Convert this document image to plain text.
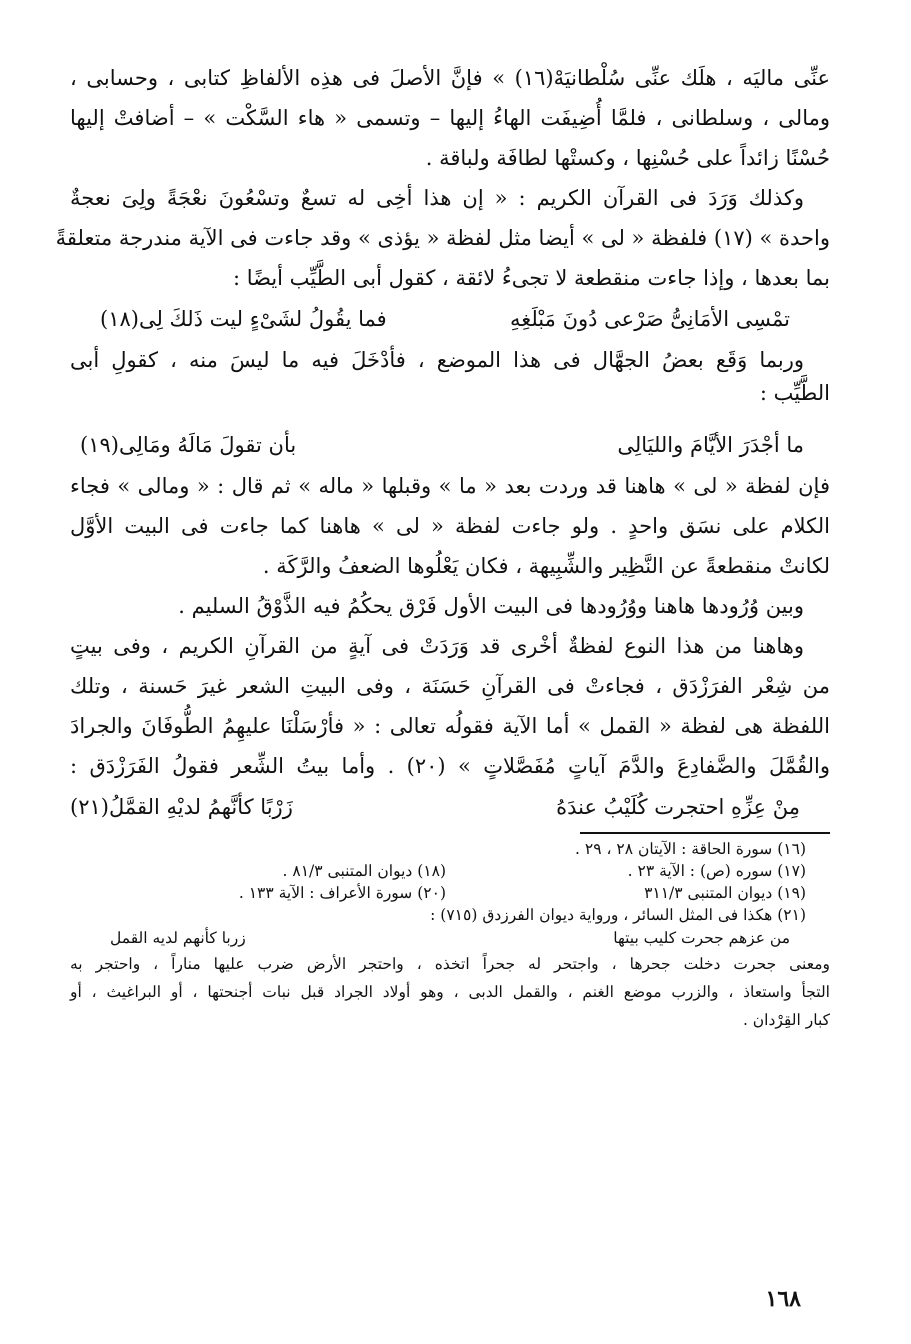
عنِّى ماليَه ، هلَك عنِّى سُلْطانيَهْ(١٦) » فإنَّ الأصلَ فى هذِه الألفاظِ كتابى ، وحسابى ،
ومالى ، وسلطانى ، فلمَّا أُضِيفَت الهاءُ إليها – وتسمى « هاء السَّكْت » – أضافتْ إليها
حُسْنًا زائداً على حُسْنِها ، وكستْها لطافَة ولباقة .
وكذلك وَرَدَ فى القرآن الكريم : « إن هذا أخِى له تسعٌ وتسْعُونَ نعْجَةً ولِىَ نعجةٌ
واحدة » (١٧) فلفظة « لى » أيضا مثل لفظة « يؤذى » وقد جاءت فى الآية مندرجة متعلقةً
بما بعدها ، وإذا جاءت منقطعة لا تجىءُ لائقة ، كقول أبى الطَّيِّب أيضًا :
تمْسِى الأمَانِىُّ صَرْعى دُونَ مَبْلَغِهِ
فما يقُولُ لشَىْءٍ ليت ذَلكَ لِى(١٨)
وربما وَقَع بعضُ الجهَّال فى هذا الموضع ، فأدْخَلَ فيه ما ليسَ منه ، كقولِ أبى
الطَّيِّب :
ما أجْدَرَ الأيَّامَ والليَالِى
بأن تقولَ مَالَهُ ومَالِى(١٩)
فإن لفظة « لى » هاهنا قد وردت بعد « ما » وقبلها « ماله » ثم قال : « ومالى » فجاء
الكلام على نسَق واحدٍ . ولو جاءت لفظة « لى » هاهنا كما جاءت فى البيت الأوَّل
لكانتْ منقطعةً عن النَّظِير والشِّبِيهة ، فكان يَعْلُوها الضعفُ والرَّكَة .
وبين وُرُودها هاهنا ووُرُودها فى البيت الأول فَرْق يحكُمُ فيه الذَّوْقُ السليم .
وهاهنا من هذا النوع لفظةٌ أخْرى قد وَرَدَتْ فى آيةٍ من القرآنِ الكريم ، وفى بيتٍ
من شِعْر الفرَزْدَق ، فجاءتْ فى القرآنِ حَسَنَة ، وفى البيتِ الشعر غيرَ حَسنة ، وتلك
اللفظة هى لفظة « القمل » أما الآية فقولُه تعالى : « فأرْسَلْنَا عليهِمُ الطُّوفَانَ والجرادَ
والقُمَّلَ والضَّفادِعَ والدَّمَ آياتٍ مُفَصَّلاتٍ » (٢٠) . وأما بيتُ الشِّعر فقولُ الفَرَزْدَق :
مِنْ عِزِّهِ احتجرت كُلَيْبُ عندَهُ
زَرْبًا كأنَّهمُ لديْهِ القمَّلُ(٢١)
(١٦) سورة الحاقة : الآيتان ٢٨ ، ٢٩ .
(١٧) سوره (ص) : الآية ٢٣ .
(١٨) ديوان المتنبى ٨١/٣ .
(١٩) ديوان المتنبى ٣١١/٣
(٢٠) سورة الأعراف : الآية ١٣٣ .
(٢١) هكذا فى المثل السائر ، ورواية ديوان الفرزدق (٧١٥) :
من عزهم جحرت كليب بيتها
زربا كأنهم لديه القمل
ومعنى جحرت دخلت جحرها ، واجتحر له جحراً اتخذه ، واحتجر الأرض ضرب عليها مناراً ، واحتجر به
التجأ واستعاذ ، والزرب موضع الغنم ، والقمل الدبى ، وهو أولاد الجراد قبل نبات أجنحتها ، أو البراغيث ، أو
كبار القِرْدان .
١٦٨
